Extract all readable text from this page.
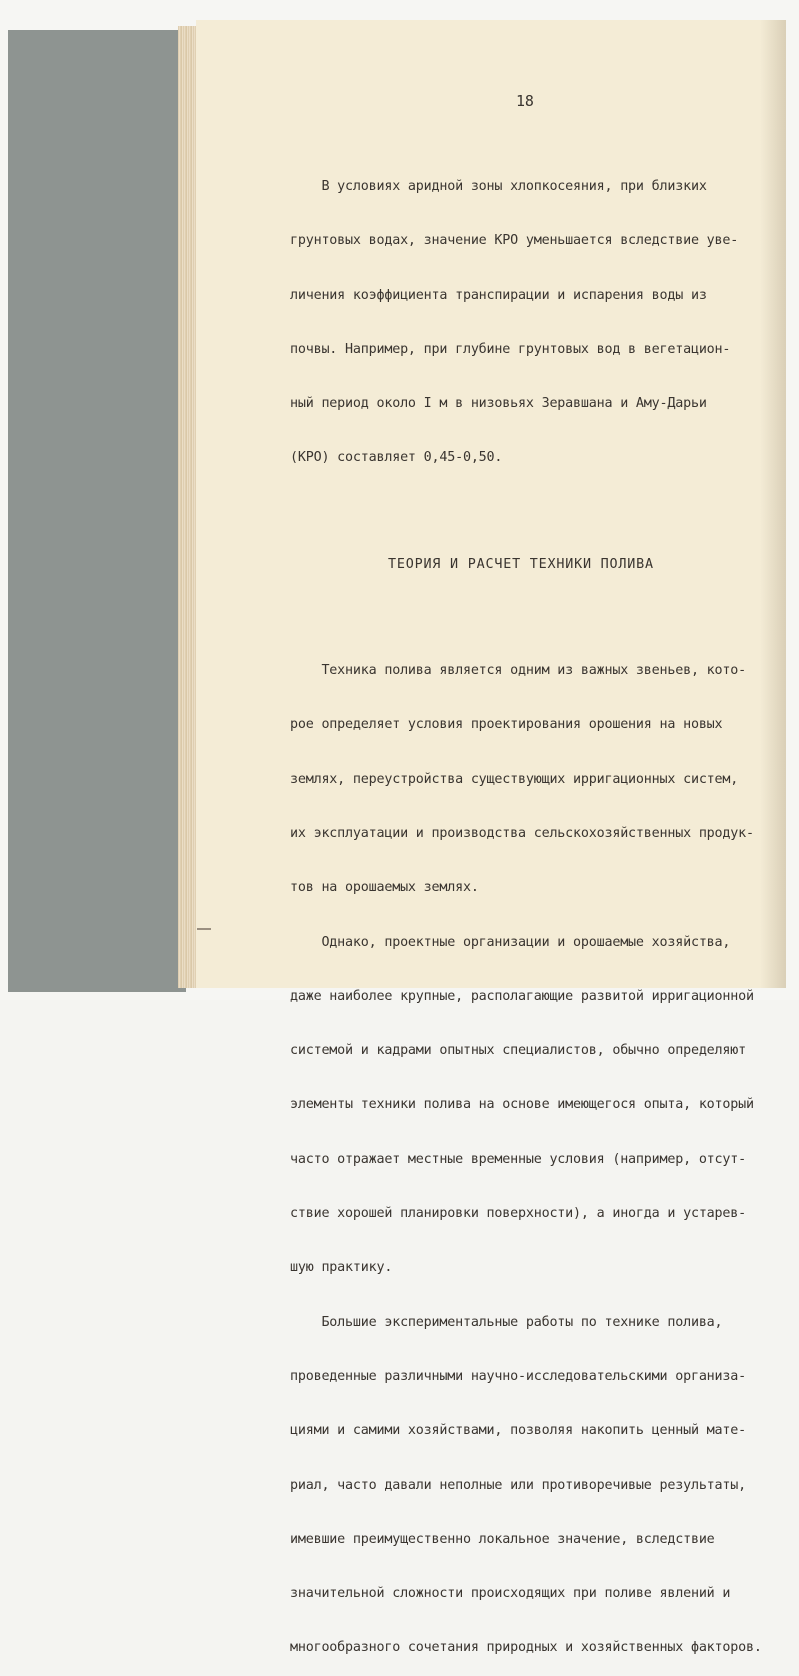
18

В условиях аридной зоны хлопкосеяния, при близких

грунтовых водах, значение КРО уменьшается вследствие уве-

личения коэффициента транспирации и испарения воды из

почвы. Например, при глубине грунтовых вод в вегетацион-

ный период около I м в низовьях Зеравшана и Аму-Дарьи

(КРО) составляет 0,45-0,50.

ТЕОРИЯ И РАСЧЕТ ТЕХНИКИ ПОЛИВА

Техника полива является одним из важных звеньев, кото-

рое определяет условия проектирования орошения на новых

землях, переустройства существующих ирригационных систем,

их эксплуатации и производства сельскохозяйственных продук-

тов на орошаемых землях.

Однако, проектные организации и орошаемые хозяйства,

даже наиболее крупные, располагающие развитой ирригационной

системой и кадрами опытных специалистов, обычно определяют

элементы техники полива на основе имеющегося опыта, который

часто отражает местные временные условия (например, отсут-

ствие хорошей планировки поверхности), а иногда и устарев-

шую практику.

Большие экспериментальные работы по технике полива,

проведенные различными научно-исследовательскими организа-

циями и самими хозяйствами, позволяя накопить ценный мате-

риал, часто давали неполные или противоречивые результаты,

имевшие преимущественно локальное значение, вследствие

значительной сложности происходящих при поливе явлений и

многообразного сочетания природных и хозяйственных факторов.
